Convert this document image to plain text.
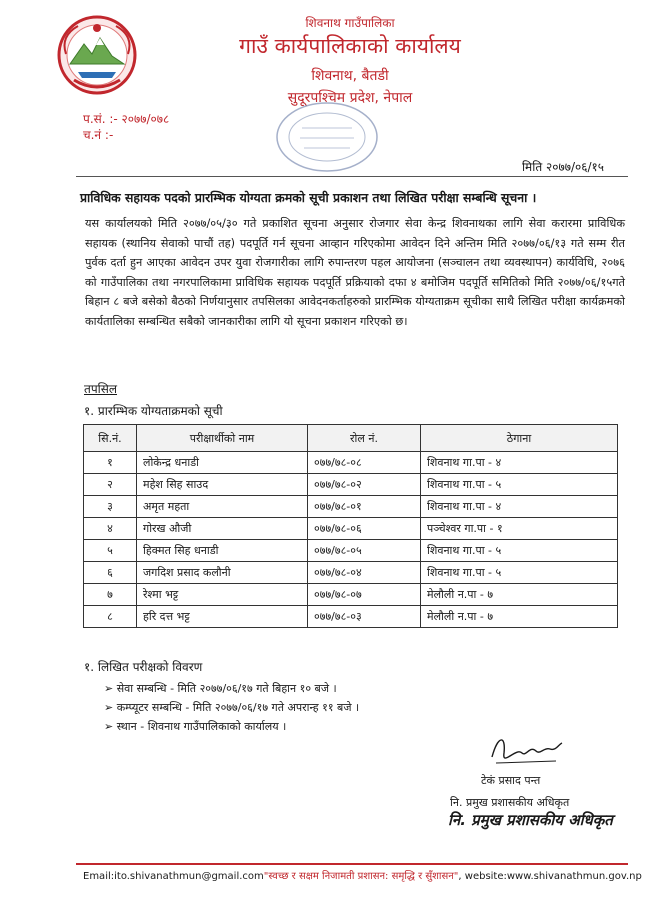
शिवनाथ गाउँपालिका
गाउँ कार्यपालिकाको कार्यालय
शिवनाथ, बैतडी
सुदूरपश्चिम प्रदेश, नेपाल
प.सं. :- २०७७/०७८
च.नं :-
मिति २०७७/०६/१५
प्राविधिक सहायक पदको प्रारम्भिक योग्यता क्रमको सूची प्रकाशन तथा लिखित परीक्षा सम्बन्धि सूचना ।
यस कार्यालयको मिति २०७७/०५/३० गते प्रकाशित सूचना अनुसार रोजगार सेवा केन्द्र शिवनाथका लागि सेवा करारमा प्राविधिक सहायक (स्थानिय सेवाको पाचौं तह) पदपूर्ति गर्न सूचना आव्हान गरिएकोमा आवेदन दिने अन्तिम मिति २०७७/०६/१३ गते सम्म रीत पुर्वक दर्ता हुन आएका आवेदन उपर युवा रोजगारीका लागि रुपान्तरण पहल आयोजना (सञ्चालन तथा व्यवस्थापन) कार्यविधि, २०७६ को गाउँपालिका तथा नगरपालिकामा प्राविधिक सहायक पदपूर्ति प्रक्रियाको दफा ४ बमोजिम पदपूर्ति समितिको मिति २०७७/०६/१५गते बिहान ८ बजे बसेको बैठको निर्णयानुसार तपसिलका आवेदनकर्ताहरुको प्रारम्भिक योग्यताक्रम सूचीका साथै लिखित परीक्षा कार्यक्रमको कार्यतालिका सम्बन्धित सबैको जानकारीका लागि यो सूचना प्रकाशन गरिएको छ।
तपसिल
१. प्रारम्भिक योग्यताक्रमको सूची
सि.नं.	परीक्षार्थीको नाम	रोल नं.	ठेगाना
१	लोकेन्द्र धनाडी	०७७/७८-०८	शिवनाथ गा.पा - ४
२	महेश सिह साउद	०७७/७८-०२	शिवनाथ गा.पा - ५
३	अमृत महता	०७७/७८-०१	शिवनाथ गा.पा - ४
४	गोरख औजी	०७७/७८-०६	पञ्चेश्वर गा.पा - १
५	हिक्मत सिह धनाडी	०७७/७८-०५	शिवनाथ गा.पा - ५
६	जगदिश प्रसाद कलौनी	०७७/७८-०४	शिवनाथ गा.पा - ५
७	रेश्मा भट्ट	०७७/७८-०७	मेलौली न.पा - ७
८	हरि दत्त भट्ट	०७७/७८-०३	मेलौली न.पा - ७
१. लिखित परीक्षको विवरण
➢ सेवा सम्बन्धि - मिति २०७७/०६/१७ गते बिहान १० बजे ।
➢ कम्प्यूटर सम्बन्धि - मिति २०७७/०६/१७ गते अपरान्ह ११ बजे ।
➢ स्थान - शिवनाथ गाउँपालिकाको कार्यालय ।
टेकं प्रसाद पन्त
नि. प्रमुख प्रशासकीय अधिकृत
नि. प्रमुख प्रशासकीय अधिकृत
Email:ito.shivanathmun@gmail.com"स्वच्छ र सक्षम निजामती प्रशासन: समृद्धि र सुँशासन", website:www.shivanathmun.gov.np
